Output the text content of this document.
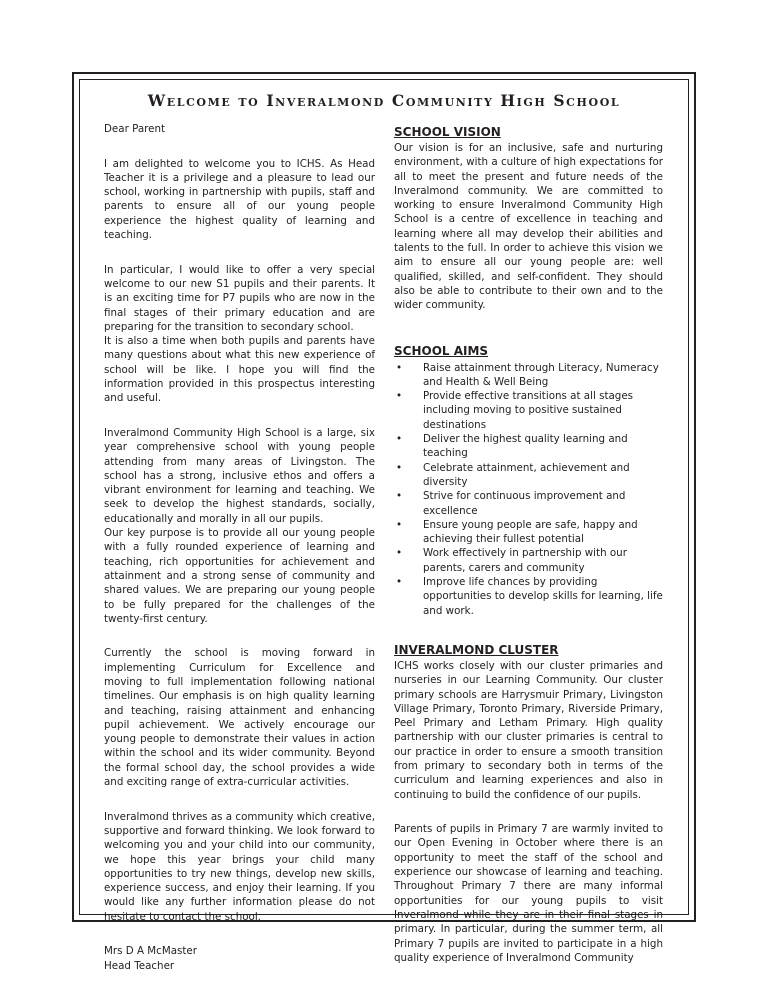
Welcome to Inveralmond Community High School

Dear Parent

I am delighted to welcome you to ICHS. As Head Teacher it is a privilege and a pleasure to lead our school, working in partnership with pupils, staff and parents to ensure all of our young people experience the highest quality of learning and teaching.

In particular, I would like to offer a very special welcome to our new S1 pupils and their parents. It is an exciting time for P7 pupils who are now in the final stages of their primary education and are preparing for the transition to secondary school.

It is also a time when both pupils and parents have many questions about what this new experience of school will be like. I hope you will find the information provided in this prospectus interesting and useful.

Inveralmond Community High School is a large, six year comprehensive school with young people attending from many areas of Livingston. The school has a strong, inclusive ethos and offers a vibrant environment for learning and teaching. We seek to develop the highest standards, socially, educationally and morally in all our pupils.

Our key purpose is to provide all our young people with a fully rounded experience of learning and teaching, rich opportunities for achievement and attainment and a strong sense of community and shared values. We are preparing our young people to be fully prepared for the challenges of the twenty-first century.

Currently the school is moving forward in implementing Curriculum for Excellence and moving to full implementation following national timelines. Our emphasis is on high quality learning and teaching, raising attainment and enhancing pupil achievement. We actively encourage our young people to demonstrate their values in action within the school and its wider community. Beyond the formal school day, the school provides a wide and exciting range of extra-curricular activities.

Inveralmond thrives as a community which creative, supportive and forward thinking. We look forward to welcoming you and your child into our community, we hope this year brings your child many opportunities to try new things, develop new skills, experience success, and enjoy their learning. If you would like any further information please do not hesitate to contact the school.

Mrs D A McMaster

Head Teacher

SCHOOL VISION

Our vision is for an inclusive, safe and nurturing environment, with a culture of high expectations for all to meet the present and future needs of the Inveralmond community. We are committed to working to ensure Inveralmond Community High School is a centre of excellence in teaching and learning where all may develop their abilities and talents to the full. In order to achieve this vision we aim to ensure all our young people are: well qualified, skilled, and self-confident. They should also be able to contribute to their own and to the wider community.

SCHOOL AIMS
• Raise attainment through Literacy, Numeracy and Health & Well Being
• Provide effective transitions at all stages including moving to positive sustained destinations
• Deliver the highest quality learning and teaching
• Celebrate attainment, achievement and diversity
• Strive for continuous improvement and excellence
• Ensure young people are safe, happy and achieving their fullest potential
• Work effectively in partnership with our parents, carers and community
• Improve life chances by providing opportunities to develop skills for learning, life and work.
INVERALMOND CLUSTER

ICHS works closely with our cluster primaries and nurseries in our Learning Community. Our cluster primary schools are Harrysmuir Primary, Livingston Village Primary, Toronto Primary, Riverside Primary, Peel Primary and Letham Primary. High quality partnership with our cluster primaries is central to our practice in order to ensure a smooth transition from primary to secondary both in terms of the curriculum and learning experiences and also in continuing to build the confidence of our pupils.

Parents of pupils in Primary 7 are warmly invited to our Open Evening in October where there is an opportunity to meet the staff of the school and experience our showcase of learning and teaching. Throughout Primary 7 there are many informal opportunities for our young pupils to visit Inveralmond while they are in their final stages in primary. In particular, during the summer term, all Primary 7 pupils are invited to participate in a high quality experience of Inveralmond Community
